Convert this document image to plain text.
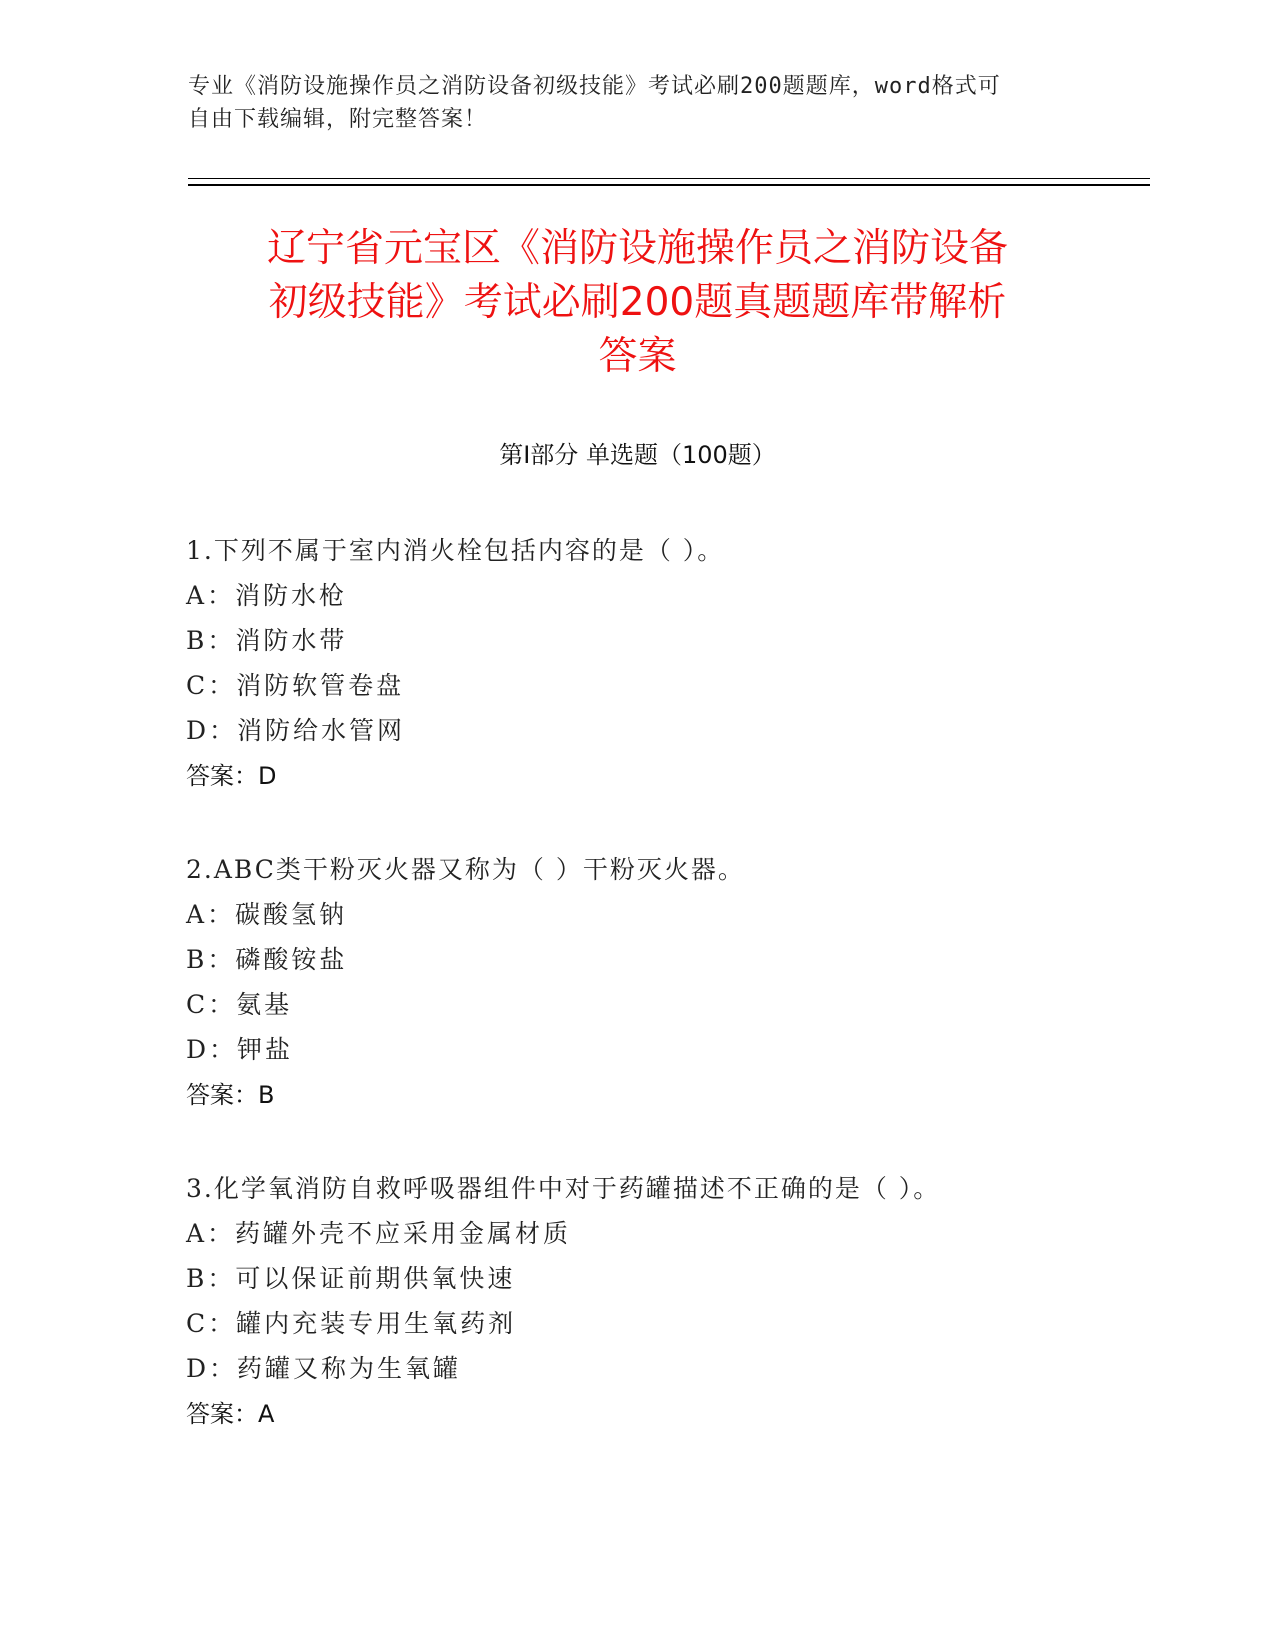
专业《消防设施操作员之消防设备初级技能》考试必刷200题题库，word格式可
自由下载编辑，附完整答案！
辽宁省元宝区《消防设施操作员之消防设备
初级技能》考试必刷200题真题题库带解析
答案
第Ⅰ部分 单选题（100题）
1.下列不属于室内消火栓包括内容的是（ ）。
A：消防水枪
B：消防水带
C：消防软管卷盘
D：消防给水管网
答案：D
2.ABC类干粉灭火器又称为（ ）干粉灭火器。
A：碳酸氢钠
B：磷酸铵盐
C：氨基
D：钾盐
答案：B
3.化学氧消防自救呼吸器组件中对于药罐描述不正确的是（ ）。
A：药罐外壳不应采用金属材质
B：可以保证前期供氧快速
C：罐内充装专用生氧药剂
D：药罐又称为生氧罐
答案：A
